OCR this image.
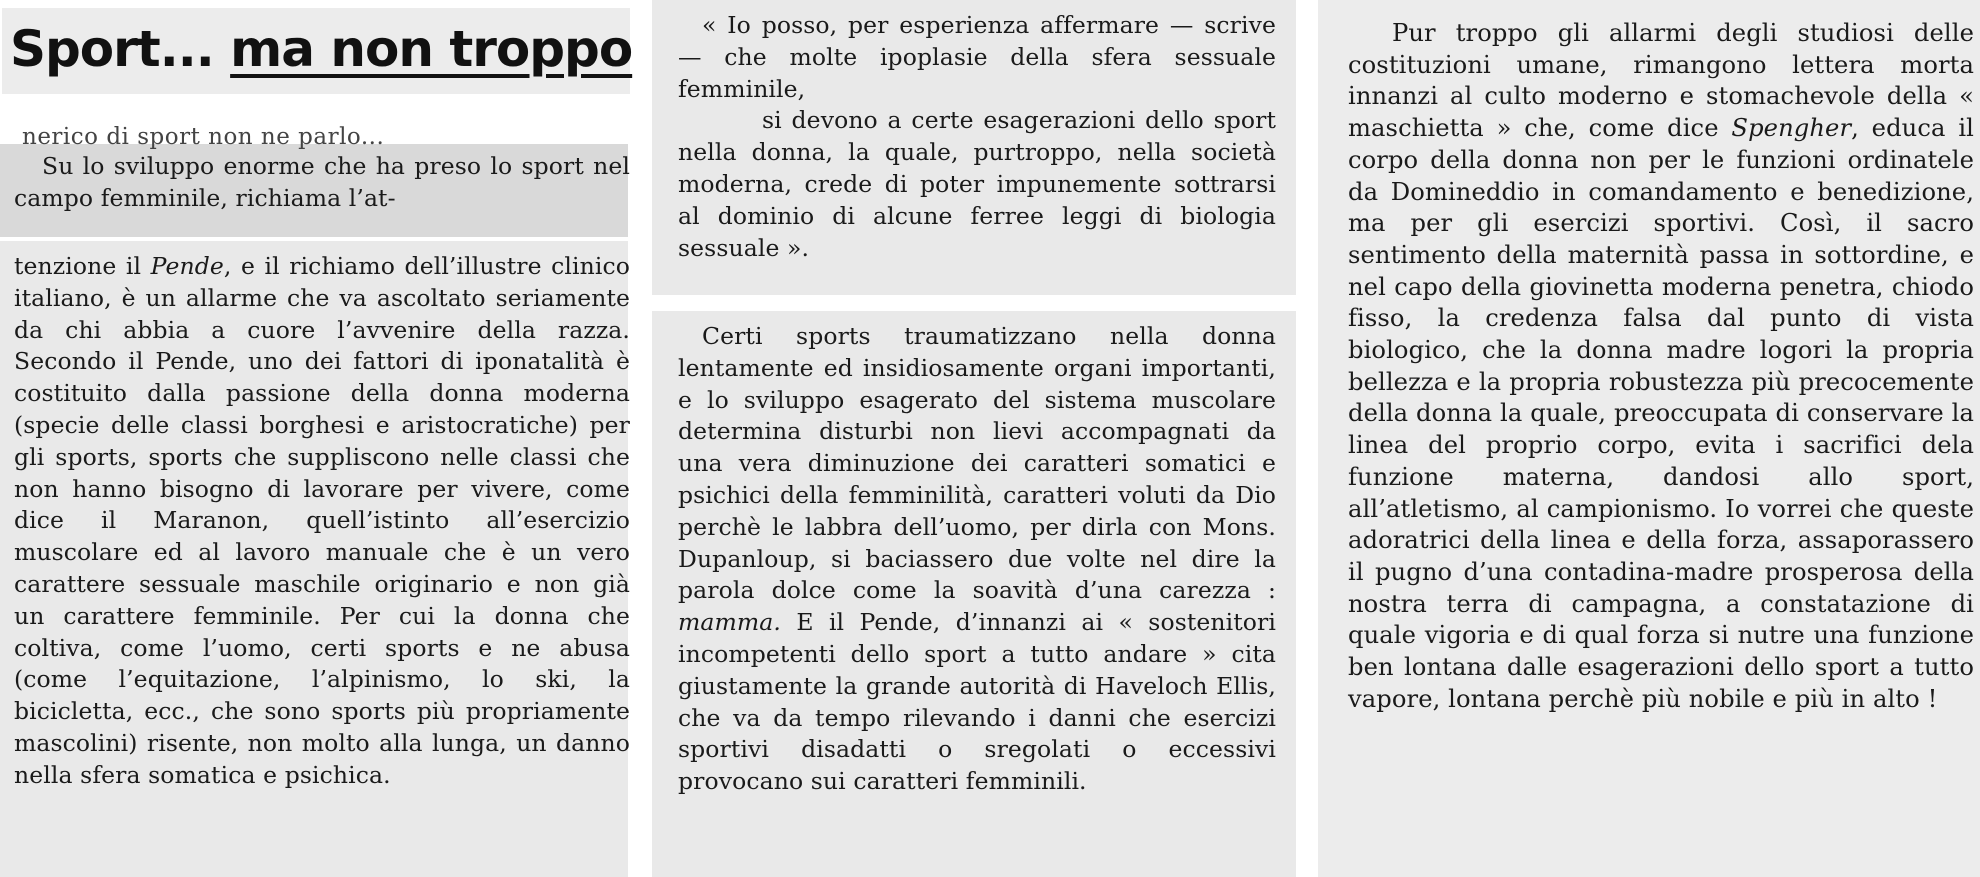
Sport... ma non troppo
nerico di sport non ne parlo...

Su lo sviluppo enorme che ha preso lo sport nel campo femminile, richiama l’at-

tenzione il Pende, e il richiamo dell’illustre clinico italiano, è un allarme che va ascoltato seriamente da chi abbia a cuore l’avvenire della razza. Secondo il Pende, uno dei fattori di iponatalità è costituito dalla passione della donna moderna (specie delle classi borghesi e aristocratiche) per gli sports, sports che suppliscono nelle classi che non hanno bisogno di lavorare per vivere, come dice il Maranon, quell’istinto all’esercizio muscolare ed al lavoro manuale che è un vero carattere sessuale maschile originario e non già un carattere femminile. Per cui la donna che coltiva, come l’uomo, certi sports e ne abusa (come l’equitazione, l’alpinismo, lo ski, la bicicletta, ecc., che sono sports più propriamente mascolini) risente, non molto alla lunga, un danno nella sfera somatica e psichica.

« Io posso, per esperienza affermare — scrive — che molte ipoplasie della sfera sessuale femminile,

si devono a certe esagerazioni dello sport nella donna, la quale, purtroppo, nella società moderna, crede di poter impunemente sottrarsi al dominio di alcune ferree leggi di biologia sessuale ».

Certi sports traumatizzano nella donna lentamente ed insidiosamente organi importanti, e lo sviluppo esagerato del sistema muscolare determina disturbi non lievi accompagnati da una vera diminuzione dei caratteri somatici e psichici della femminilità, caratteri voluti da Dio perchè le labbra dell’uomo, per dirla con Mons. Dupanloup, si baciassero due volte nel dire la parola dolce come la soavità d’una carezza : mamma. E il Pende, d’innanzi ai « sostenitori incompetenti dello sport a tutto andare » cita giustamente la grande autorità di Haveloch Ellis, che va da tempo rilevando i danni che esercizi sportivi disadatti o sregolati o eccessivi provocano sui caratteri femminili.

Pur troppo gli allarmi degli studiosi delle costituzioni umane, rimangono lettera morta innanzi al culto moderno e stomachevole della « maschietta » che, come dice Spengher, educa il corpo della donna non per le funzioni ordinatele da Domineddio in comandamento e benedizione, ma per gli esercizi sportivi. Così, il sacro sentimento della maternità passa in sottordine, e nel capo della giovinetta moderna penetra, chiodo fisso, la credenza falsa dal punto di vista biologico, che la donna madre logori la propria bellezza e la propria robustezza più precocemente della donna la quale, preoccupata di conservare la linea del proprio corpo, evita i sacrifici dela funzione materna, dandosi allo sport, all’atletismo, al campionismo. Io vorrei che queste adoratrici della linea e della forza, assaporassero il pugno d’una contadina-madre prosperosa della nostra terra di campagna, a constatazione di quale vigoria e di qual forza si nutre una funzione ben lontana dalle esagerazioni dello sport a tutto vapore, lontana perchè più nobile e più in alto !
